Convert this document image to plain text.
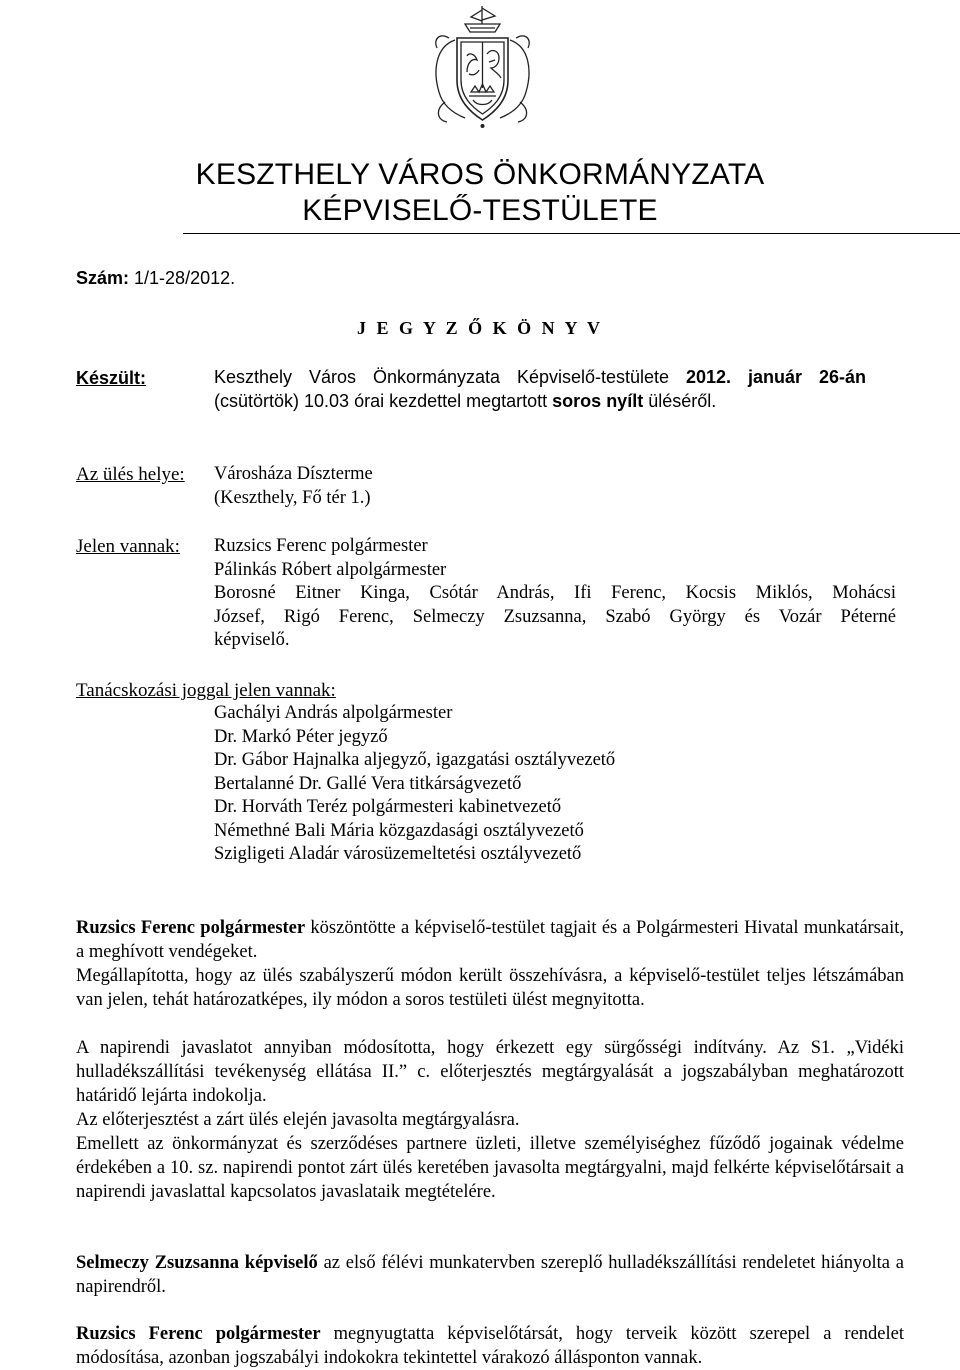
KESZTHELY VÁROS ÖNKORMÁNYZATA
KÉPVISELŐ-TESTÜLETE
Szám: 1/1-28/2012.
J E G Y Z Ő K Ö N Y V
Készült:	Keszthely Város Önkormányzata Képviselő-testülete 2012. január 26-án
(csütörtök) 10.03 órai kezdettel megtartott soros nyílt üléséről.
Az ülés helye: Városháza Díszterme
(Keszthely, Fő tér 1.)
Jelen vannak: Ruzsics Ferenc polgármester
Pálinkás Róbert alpolgármester
Borosné Eitner Kinga, Csótár András, Ifi Ferenc, Kocsis Miklós, Mohácsi
József, Rigó Ferenc, Selmeczy Zsuzsanna, Szabó György és Vozár Péterné
képviselő.
Tanácskozási joggal jelen vannak:
Gachályi András alpolgármester
Dr. Markó Péter jegyző
Dr. Gábor Hajnalka aljegyző, igazgatási osztályvezető
Bertalanné Dr. Gallé Vera titkárságvezető
Dr. Horváth Teréz polgármesteri kabinetvezető
Némethné Bali Mária közgazdasági osztályvezető
Szigligeti Aladár városüzemeltetési osztályvezető

Ruzsics Ferenc polgármester köszöntötte a képviselő-testület tagjait és a Polgármesteri Hivatal munkatársait, a meghívott vendégeket.

Megállapította, hogy az ülés szabályszerű módon került összehívásra, a képviselő-testület teljes létszámában van jelen, tehát határozatképes, ily módon a soros testületi ülést megnyitotta.

A napirendi javaslatot annyiban módosította, hogy érkezett egy sürgősségi indítvány. Az S1. „Vidéki hulladékszállítási tevékenység ellátása II.” c. előterjesztés megtárgyalását a jogszabályban meghatározott határidő lejárta indokolja.

Az előterjesztést a zárt ülés elején javasolta megtárgyalásra.

Emellett az önkormányzat és szerződéses partnere üzleti, illetve személyiséghez fűződő jogainak védelme érdekében a 10. sz. napirendi pontot zárt ülés keretében javasolta megtárgyalni, majd felkérte képviselőtársait a napirendi javaslattal kapcsolatos javaslataik megtételére.

Selmeczy Zsuzsanna képviselő az első félévi munkatervben szereplő hulladékszállítási rendeletet hiányolta a napirendről.

Ruzsics Ferenc polgármester megnyugtatta képviselőtársát, hogy terveik között szerepel a rendelet módosítása, azonban jogszabályi indokokra tekintettel várakozó állásponton vannak.
